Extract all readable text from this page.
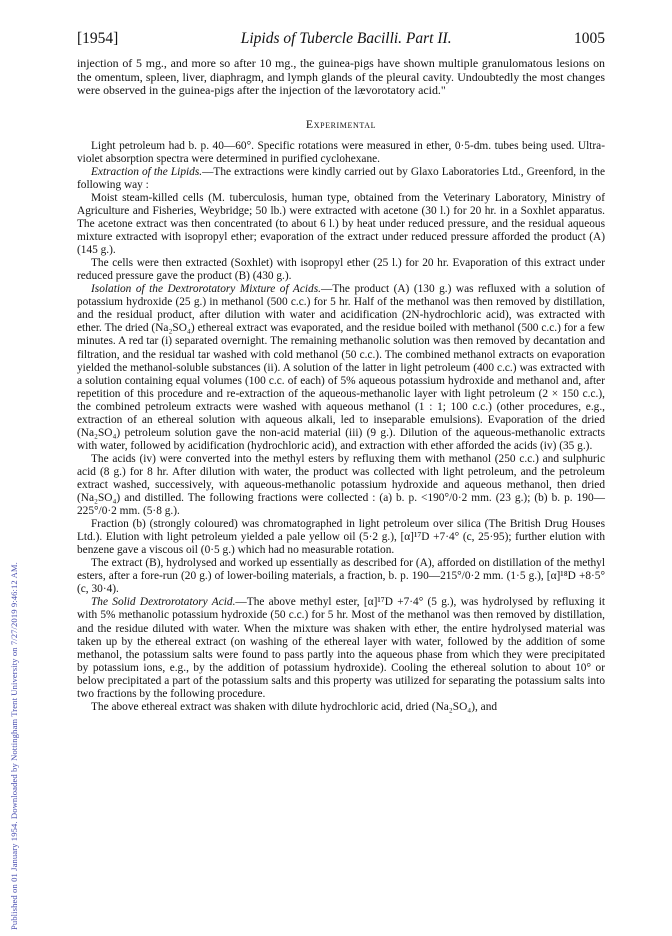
Published on 01 January 1954. Downloaded by Nottingham Trent University on 7/27/2019 9:46:12 AM.
[1954]	Lipids of Tubercle Bacilli. Part II.	1005

injection of 5 mg., and more so after 10 mg., the guinea-pigs have shown multiple granulomatous lesions on the omentum, spleen, liver, diaphragm, and lymph glands of the pleural cavity. Undoubtedly the most changes were observed in the guinea-pigs after the injection of the lævorotatory acid."

Experimental

Light petroleum had b. p. 40—60°. Specific rotations were measured in ether, 0·5-dm. tubes being used. Ultra-violet absorption spectra were determined in purified cyclohexane.

Extraction of the Lipids.—The extractions were kindly carried out by Glaxo Laboratories Ltd., Greenford, in the following way :

Moist steam-killed cells (M. tuberculosis, human type, obtained from the Veterinary Laboratory, Ministry of Agriculture and Fisheries, Weybridge; 50 lb.) were extracted with acetone (30 l.) for 20 hr. in a Soxhlet apparatus. The acetone extract was then concentrated (to about 6 l.) by heat under reduced pressure, and the residual aqueous mixture extracted with isopropyl ether; evaporation of the extract under reduced pressure afforded the product (A) (145 g.).

The cells were then extracted (Soxhlet) with isopropyl ether (25 l.) for 20 hr. Evaporation of this extract under reduced pressure gave the product (B) (430 g.).

Isolation of the Dextrorotatory Mixture of Acids.—The product (A) (130 g.) was refluxed with a solution of potassium hydroxide (25 g.) in methanol (500 c.c.) for 5 hr. Half of the methanol was then removed by distillation, and the residual product, after dilution with water and acidification (2N-hydrochloric acid), was extracted with ether. The dried (Na₂SO₄) ethereal extract was evaporated, and the residue boiled with methanol (500 c.c.) for a few minutes. A red tar (i) separated overnight. The remaining methanolic solution was then removed by decantation and filtration, and the residual tar washed with cold methanol (50 c.c.). The combined methanol extracts on evaporation yielded the methanol-soluble substances (ii). A solution of the latter in light petroleum (400 c.c.) was extracted with a solution containing equal volumes (100 c.c. of each) of 5% aqueous potassium hydroxide and methanol and, after repetition of this procedure and re-extraction of the aqueous-methanolic layer with light petroleum (2 × 150 c.c.), the combined petroleum extracts were washed with aqueous methanol (1 : 1; 100 c.c.) (other procedures, e.g., extraction of an ethereal solution with aqueous alkali, led to inseparable emulsions). Evaporation of the dried (Na₂SO₄) petroleum solution gave the non-acid material (iii) (9 g.). Dilution of the aqueous-methanolic extracts with water, followed by acidification (hydrochloric acid), and extraction with ether afforded the acids (iv) (35 g.).

The acids (iv) were converted into the methyl esters by refluxing them with methanol (250 c.c.) and sulphuric acid (8 g.) for 8 hr. After dilution with water, the product was collected with light petroleum, and the petroleum extract washed, successively, with aqueous-methanolic potassium hydroxide and aqueous methanol, then dried (Na₂SO₄) and distilled. The following fractions were collected : (a) b. p. <190°/0·2 mm. (23 g.); (b) b. p. 190—225°/0·2 mm. (5·8 g.).

Fraction (b) (strongly coloured) was chromatographed in light petroleum over silica (The British Drug Houses Ltd.). Elution with light petroleum yielded a pale yellow oil (5·2 g.), [α]¹⁷D +7·4° (c, 25·95); further elution with benzene gave a viscous oil (0·5 g.) which had no measurable rotation.

The extract (B), hydrolysed and worked up essentially as described for (A), afforded on distillation of the methyl esters, after a fore-run (20 g.) of lower-boiling materials, a fraction, b. p. 190—215°/0·2 mm. (1·5 g.), [α]¹⁸D +8·5° (c, 30·4).

The Solid Dextrorotatory Acid.—The above methyl ester, [α]¹⁷D +7·4° (5 g.), was hydrolysed by refluxing it with 5% methanolic potassium hydroxide (50 c.c.) for 5 hr. Most of the methanol was then removed by distillation, and the residue diluted with water. When the mixture was shaken with ether, the entire hydrolysed material was taken up by the ethereal extract (on washing of the ethereal layer with water, followed by the addition of some methanol, the potassium salts were found to pass partly into the aqueous phase from which they were precipitated by potassium ions, e.g., by the addition of potassium hydroxide). Cooling the ethereal solution to about 10° or below precipitated a part of the potassium salts and this property was utilized for separating the potassium salts into two fractions by the following procedure.

The above ethereal extract was shaken with dilute hydrochloric acid, dried (Na₂SO₄), and
